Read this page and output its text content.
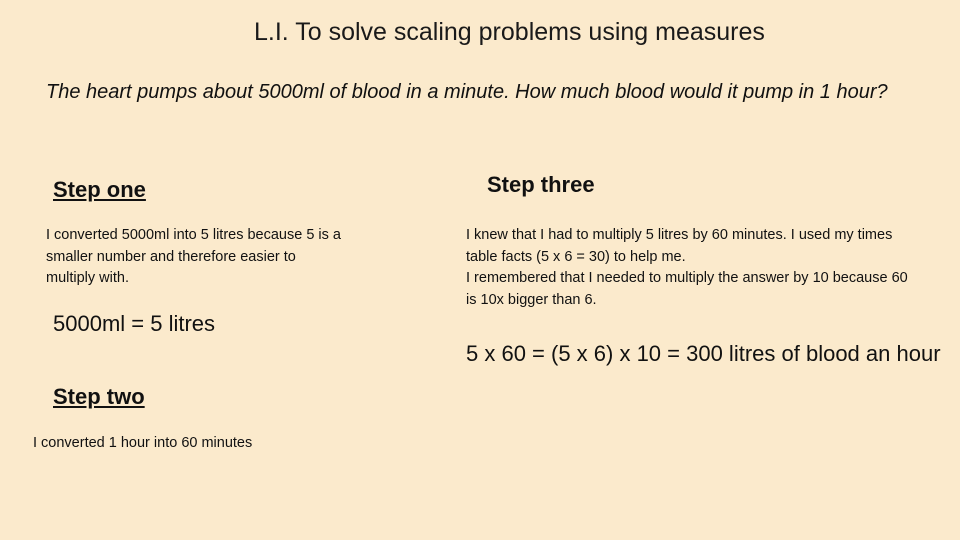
L.I. To solve scaling problems using measures
The heart pumps about 5000ml of blood in a minute. How much blood would it pump in 1 hour?
Step one
I converted 5000ml into 5 litres because 5 is a smaller number and therefore easier to multiply with.
5000ml = 5 litres
Step two
I converted 1 hour into 60 minutes
Step three
I knew that I had to multiply 5 litres by 60 minutes. I used my times table facts (5 x 6 = 30) to help me.
I remembered that I needed to multiply the answer by 10 because 60 is 10x bigger than 6.
5 x 60 = (5 x 6) x 10 = 300 litres of blood an hour
